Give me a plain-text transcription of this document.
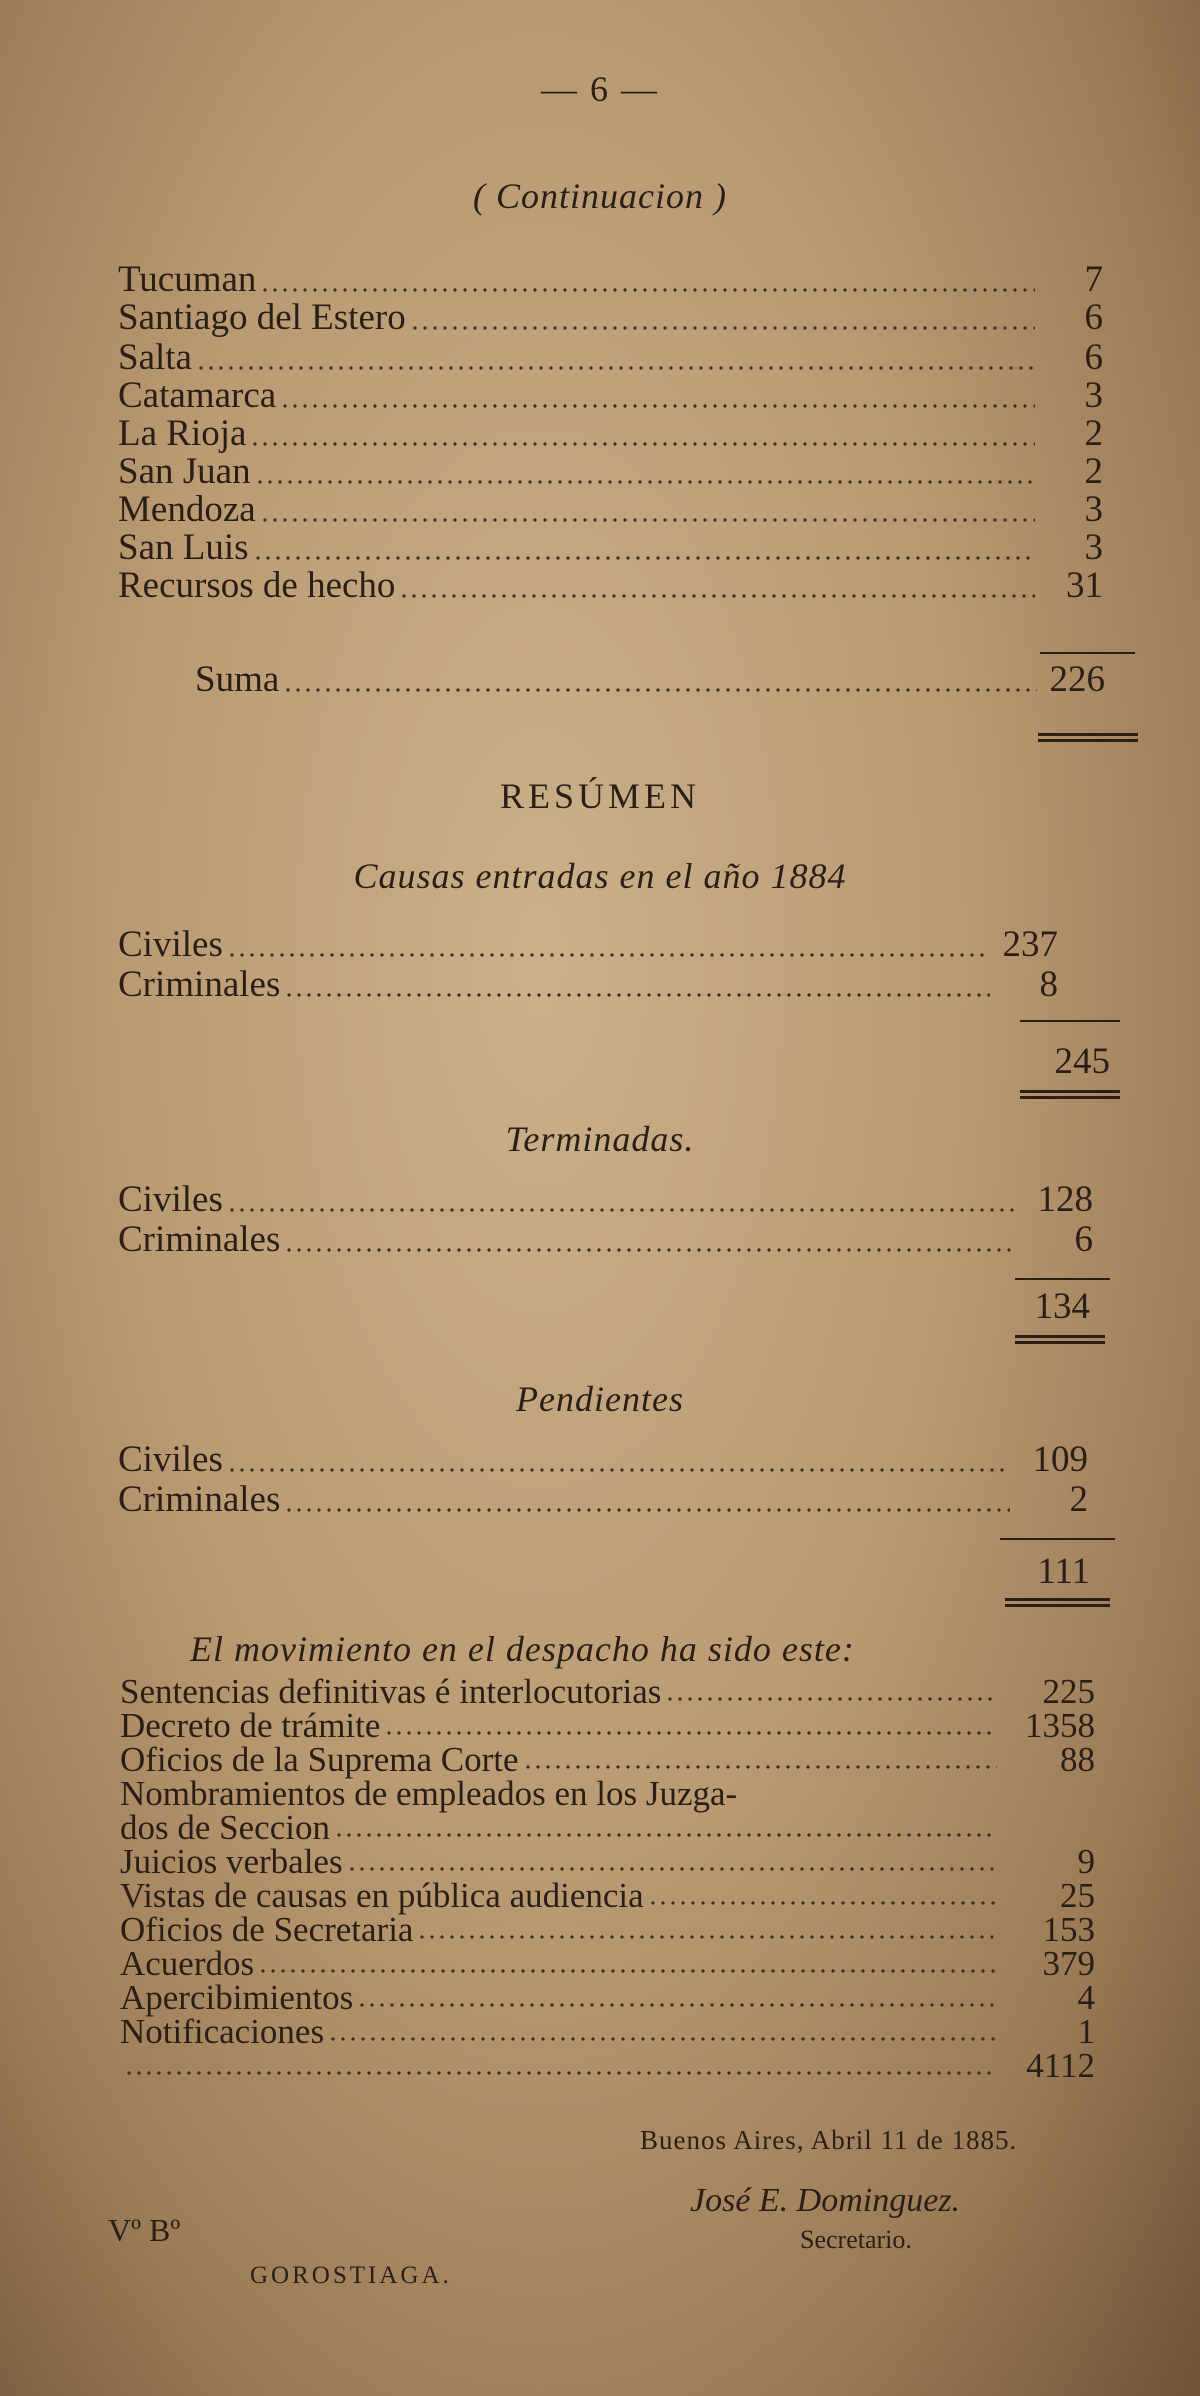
— 6 —
( Continuacion )
Tucuman	7
Santiago del Estero	6
Salta	6
Catamarca	3
La Rioja	2
San Juan	2
Mendoza	3
San Luis	3
Recursos de hecho	31
Suma	226
RESÚMEN
Causas entradas en el año 1884
Civiles	237
Criminales	8
245
Terminadas.
Civiles	128
Criminales	6
134
Pendientes
Civiles	109
Criminales	2
111
El movimiento en el despacho ha sido este:
Sentencias definitivas é interlocutorias	225
Decreto de trámite	1358
Oficios de la Suprema Corte	88
Nombramientos de empleados en los Juzga-
dos de Seccion
Juicios verbales	9
Vistas de causas en pública audiencia	25
Oficios de Secretaria	153
Acuerdos	379
Apercibimientos	4
Notificaciones	1
4112
Buenos Aires, Abril 11 de 1885.
José E. Dominguez.
Secretario.
Vº Bº
GOROSTIAGA.
